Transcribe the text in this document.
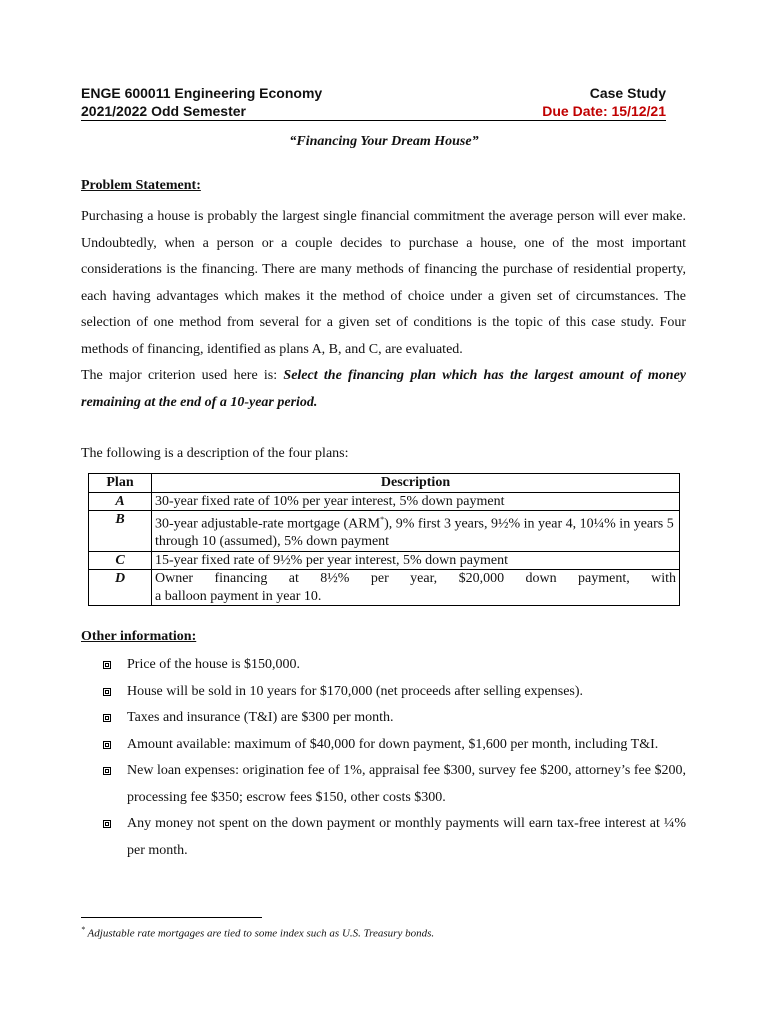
ENGE 600011 Engineering Economy	Case Study
2021/2022 Odd Semester	Due Date: 15/12/21
“Financing Your Dream House”
Problem Statement:

Purchasing a house is probably the largest single financial commitment the average person will ever make. Undoubtedly, when a person or a couple decides to purchase a house, one of the most important considerations is the financing. There are many methods of financing the purchase of residential property, each having advantages which makes it the method of choice under a given set of circumstances. The selection of one method from several for a given set of conditions is the topic of this case study. Four methods of financing, identified as plans A, B, and C, are evaluated.

The major criterion used here is: Select the financing plan which has the largest amount of money remaining at the end of a 10-year period.

The following is a description of the four plans:
Plan	Description
A	30-year fixed rate of 10% per year interest, 5% down payment
B	30-year adjustable-rate mortgage (ARM*), 9% first 3 years, 9½% in year 4, 10¼% in years 5 through 10 (assumed), 5% down payment
C	15-year fixed rate of 9½% per year interest, 5% down payment
D	Owner financing at 8½% per year, $20,000 down payment, with
a balloon payment in year 10.
Other information:
Price of the house is $150,000.
House will be sold in 10 years for $170,000 (net proceeds after selling expenses).
Taxes and insurance (T&I) are $300 per month.
Amount available: maximum of $40,000 for down payment, $1,600 per month, including T&I.
New loan expenses: origination fee of 1%, appraisal fee $300, survey fee $200, attorney’s fee $200, processing fee $350; escrow fees $150, other costs $300.
Any money not spent on the down payment or monthly payments will earn tax-free interest at ¼% per month.
* Adjustable rate mortgages are tied to some index such as U.S. Treasury bonds.
